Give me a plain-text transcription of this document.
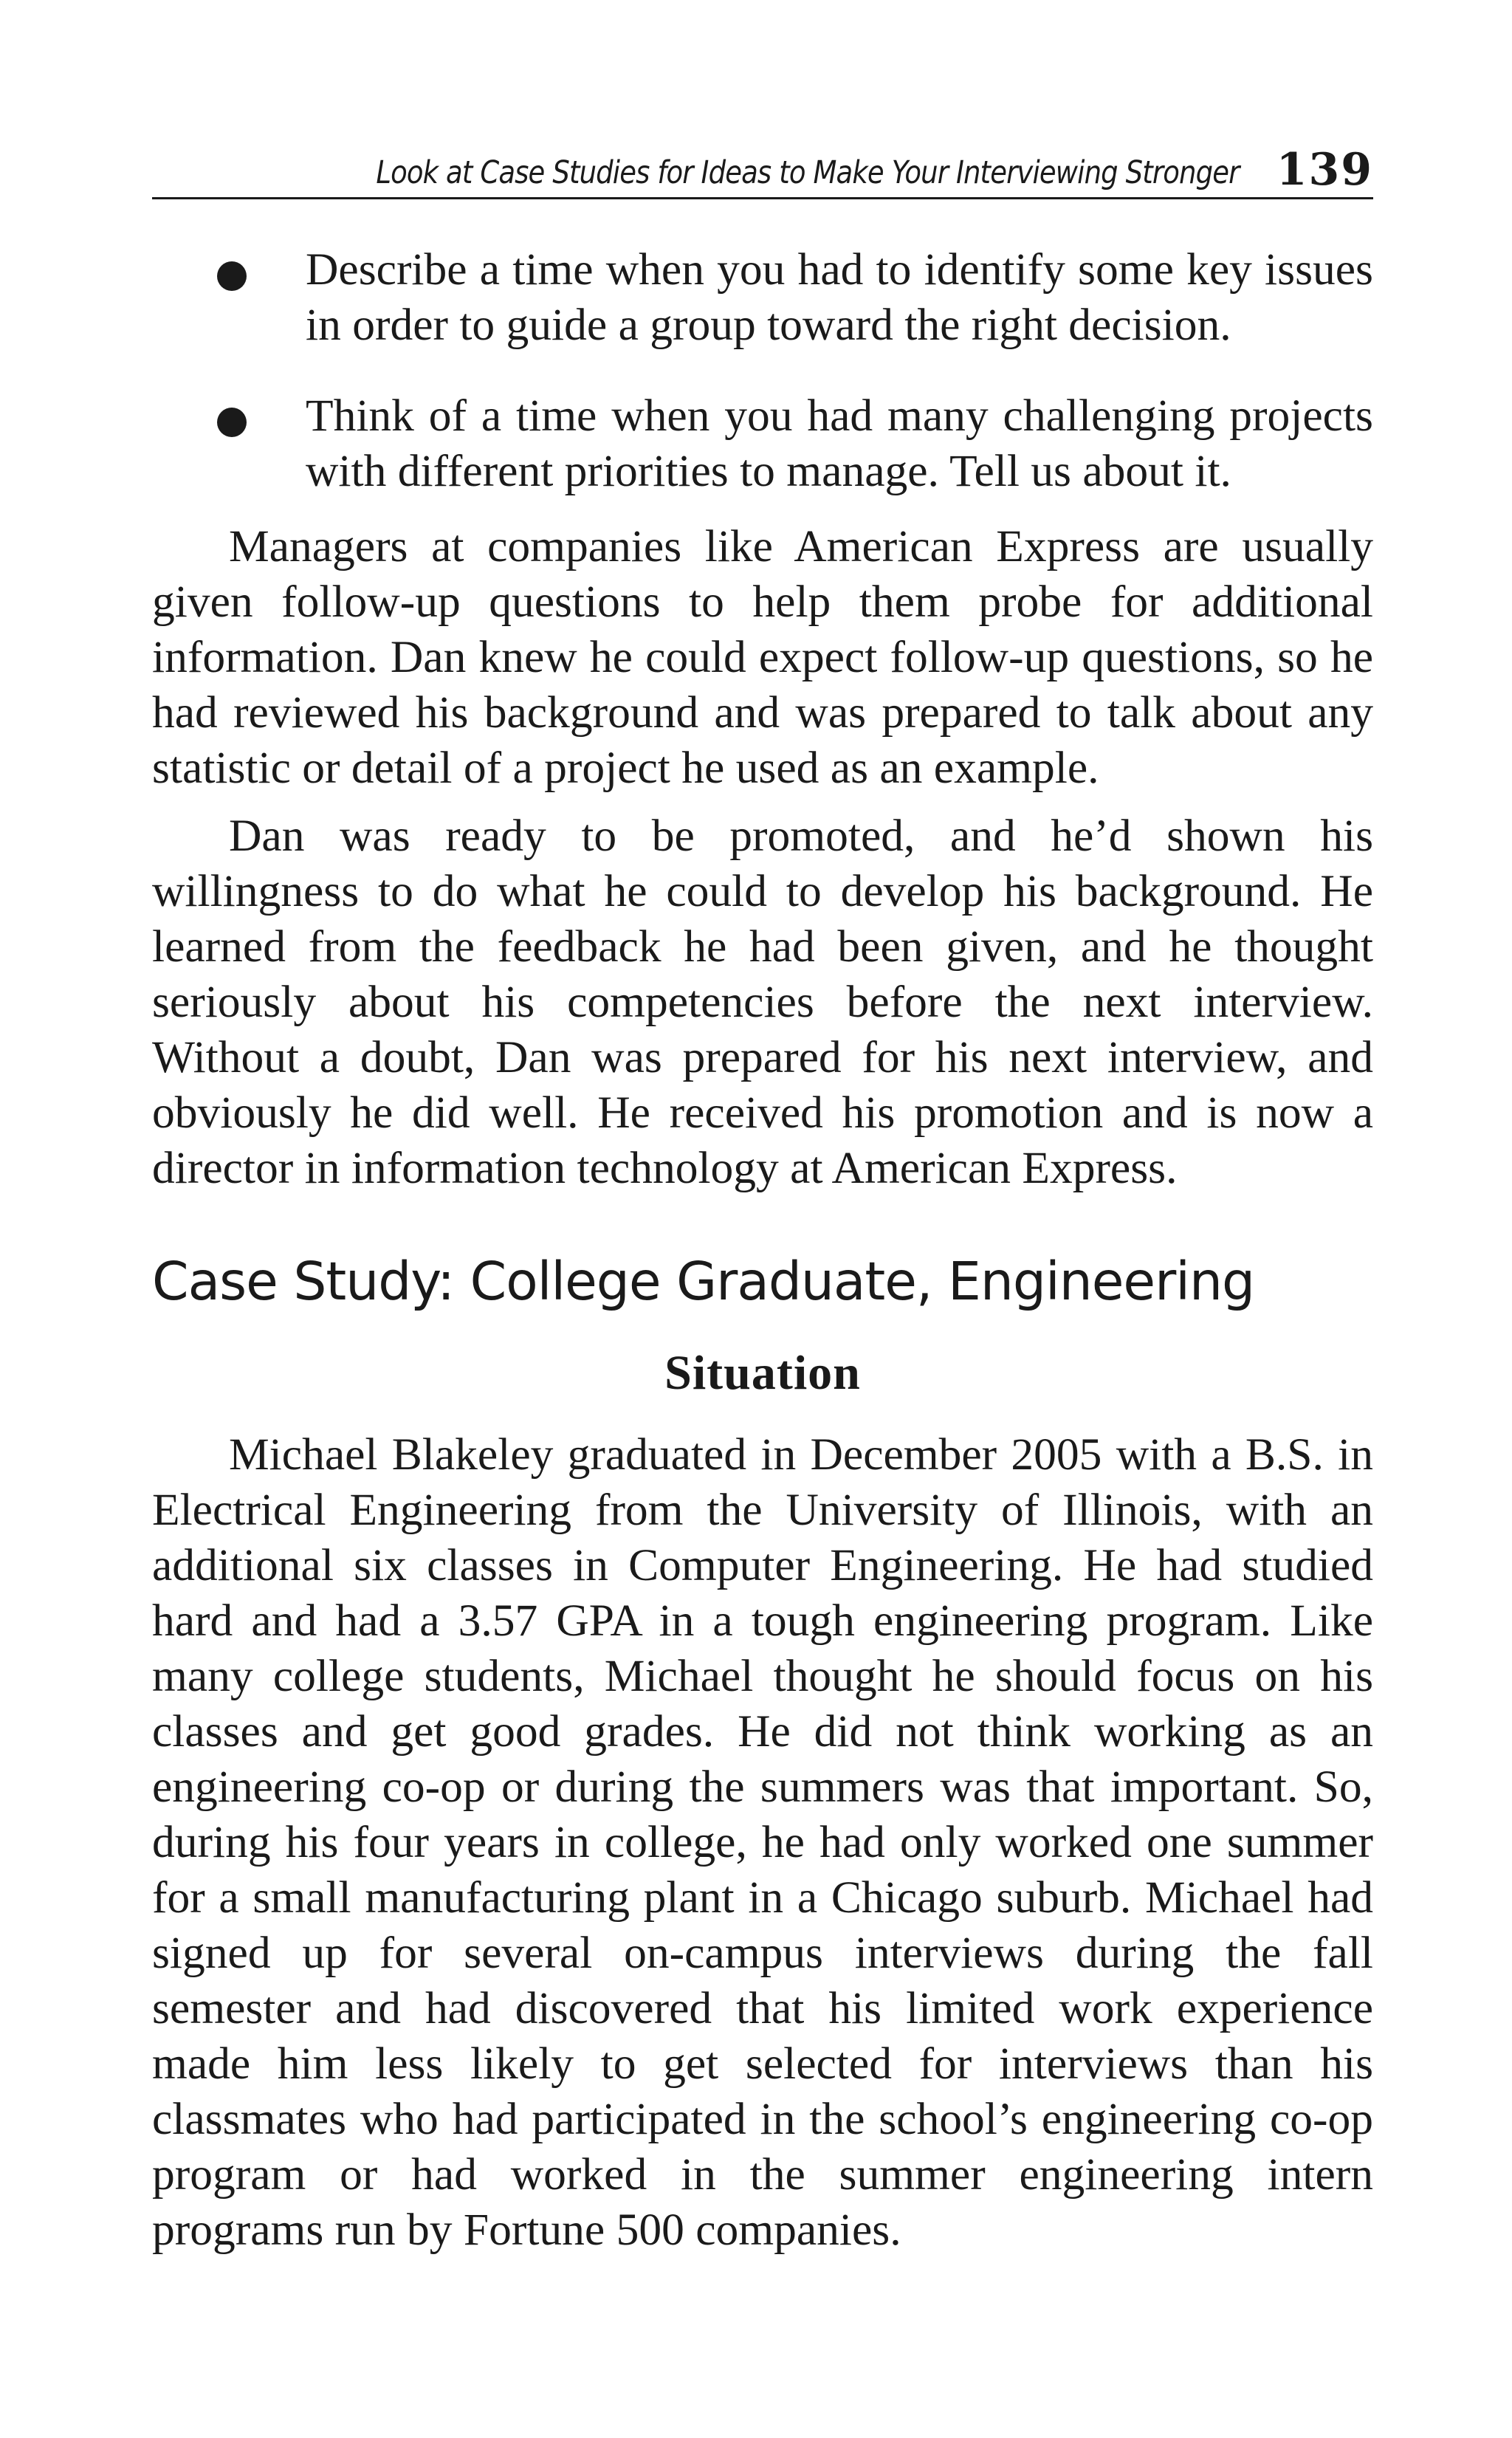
Look at Case Studies for Ideas to Make Your Interviewing Stronger 139
Describe a time when you had to identify some key issues in order to guide a group toward the right decision.
Think of a time when you had many challenging projects with different priorities to manage. Tell us about it.

Managers at companies like American Express are usually given follow-up questions to help them probe for additional information. Dan knew he could expect follow-up questions, so he had reviewed his background and was prepared to talk about any statistic or detail of a project he used as an example.

Dan was ready to be promoted, and he’d shown his willingness to do what he could to develop his background. He learned from the feedback he had been given, and he thought seriously about his competencies before the next interview. Without a doubt, Dan was prepared for his next interview, and obviously he did well. He received his promotion and is now a director in information technology at American Express.

Case Study: College Graduate, Engineering
Situation

Michael Blakeley graduated in December 2005 with a B.S. in Electrical Engineering from the University of Illinois, with an additional six classes in Computer Engineering. He had studied hard and had a 3.57 GPA in a tough engineering program. Like many college students, Michael thought he should focus on his classes and get good grades. He did not think working as an engineering co-op or during the summers was that important. So, during his four years in college, he had only worked one summer for a small manufacturing plant in a Chicago suburb. Michael had signed up for several on-campus interviews during the fall semester and had discovered that his limited work experience made him less likely to get selected for interviews than his classmates who had participated in the school’s engineering co-op program or had worked in the summer engineering intern programs run by Fortune 500 companies.
